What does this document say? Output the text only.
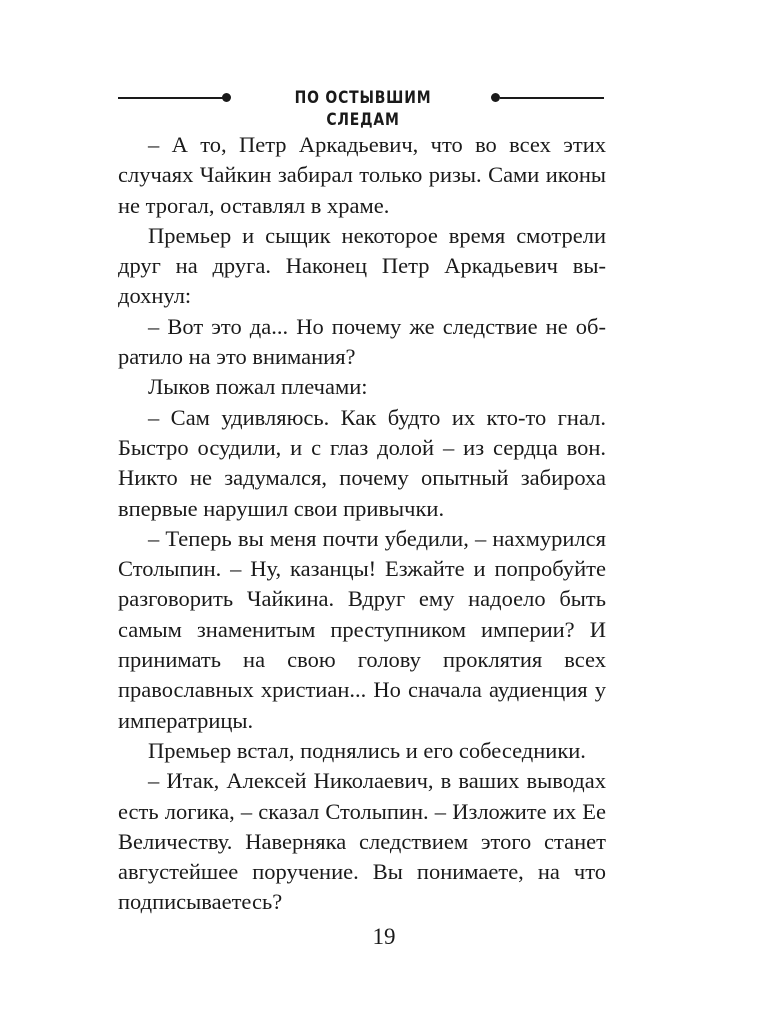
ПО ОСТЫВШИМ СЛЕДАМ

– А то, Петр Аркадьевич, что во всех этих случаях Чайкин забирал только ризы. Сами иконы не трогал, оставлял в храме.

Премьер и сыщик некоторое время смотрели друг на друга. Наконец Петр Аркадьевич выдохнул:

– Вот это да... Но почему же следствие не обратило на это внимания?

Лыков пожал плечами:

– Сам удивляюсь. Как будто их кто-то гнал. Быстро осудили, и с глаз долой – из сердца вон. Никто не задумался, почему опытный забироха впервые нарушил свои привычки.

– Теперь вы меня почти убедили, – нахмурился Столыпин. – Ну, казанцы! Езжайте и попробуйте разговорить Чайкина. Вдруг ему надоело быть самым знаменитым преступником империи? И принимать на свою голову проклятия всех православных христиан... Но сначала аудиенция у императрицы.

Премьер встал, поднялись и его собеседники.

– Итак, Алексей Николаевич, в ваших выводах есть логика, – сказал Столыпин. – Изложите их Ее Величеству. Наверняка следствием этого станет августейшее поручение. Вы понимаете, на что подписываетесь?

19
